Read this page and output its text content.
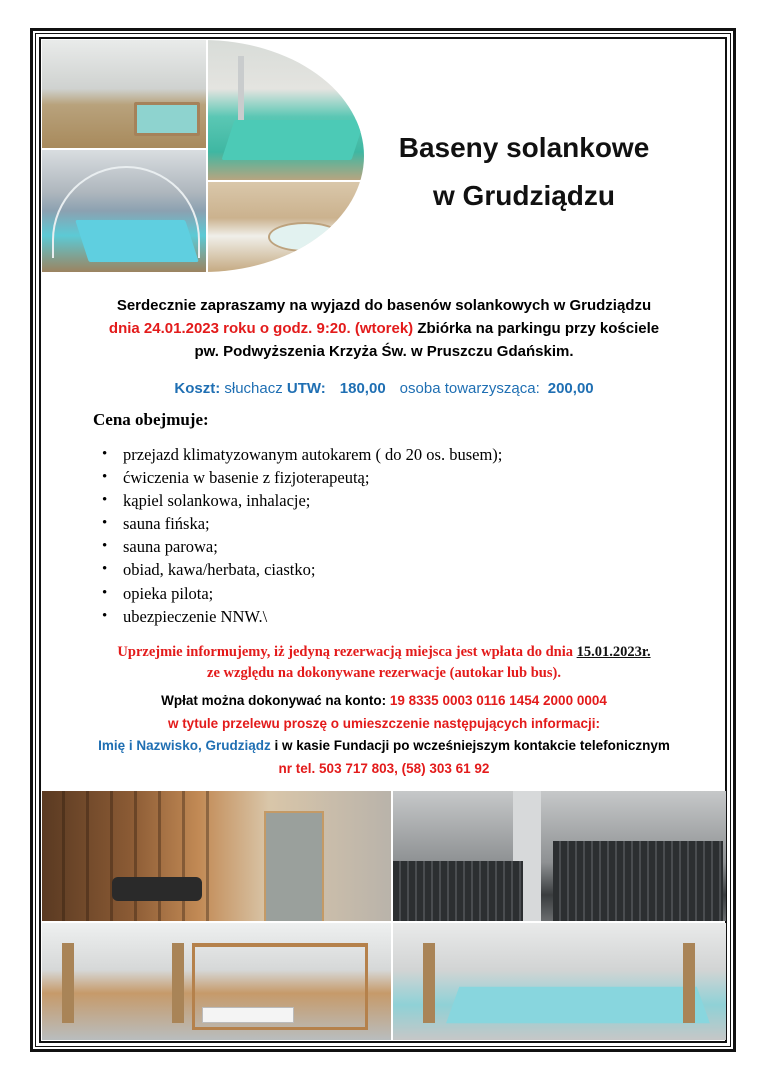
Baseny solankowe
w Grudziądzu
Serdecznie zapraszamy na wyjazd do basenów solankowych w Grudziądzu
dnia 24.01.2023 roku o godz. 9:20. (wtorek) Zbiórka na parkingu przy kościele
pw. Podwyższenia Krzyża Św. w Pruszczu Gdańskim.
Koszt: słuchacz UTW: 180,00 osoba towarzysząca: 200,00
Cena obejmuje:
• przejazd klimatyzowanym autokarem ( do 20 os. busem);
• ćwiczenia w basenie z fizjoterapeutą;
• kąpiel solankowa, inhalacje;
• sauna fińska;
• sauna parowa;
• obiad, kawa/herbata, ciastko;
• opieka pilota;
• ubezpieczenie NNW.\
Uprzejmie informujemy, iż jedyną rezerwacją miejsca jest wpłata do dnia 15.01.2023r.
ze względu na dokonywane rezerwacje (autokar lub bus).
Wpłat można dokonywać na konto: 19 8335 0003 0116 1454 2000 0004
w tytule przelewu proszę o umieszczenie następujących informacji:
Imię i Nazwisko, Grudziądz i w kasie Fundacji po wcześniejszym kontakcie telefonicznym
nr tel. 503 717 803, (58) 303 61 92
